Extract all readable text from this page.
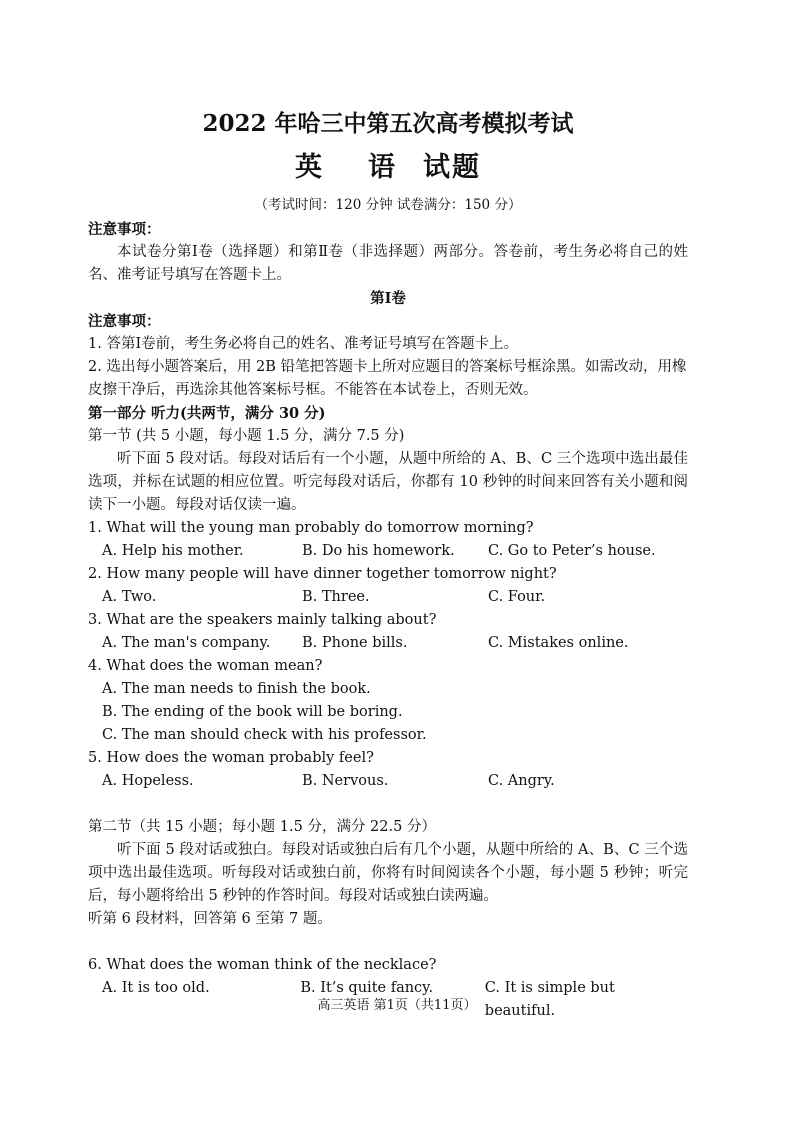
2022 年哈三中第五次高考模拟考试

英 语 试题

（考试时间：120 分钟 试卷满分：150 分）

注意事项：

本试卷分第Ⅰ卷（选择题）和第Ⅱ卷（非选择题）两部分。答卷前，考生务必将自己的姓名、准考证号填写在答题卡上。

第Ⅰ卷

注意事项：

1. 答第Ⅰ卷前，考生务必将自己的姓名、准考证号填写在答题卡上。

2. 选出每小题答案后，用 2B 铅笔把答题卡上所对应题目的答案标号框涂黑。如需改动，用橡皮擦干净后，再选涂其他答案标号框。不能答在本试卷上，否则无效。

第一部分 听力(共两节，满分 30 分)

第一节 (共 5 小题，每小题 1.5 分，满分 7.5 分)

听下面 5 段对话。每段对话后有一个小题，从题中所给的 A、B、C 三个选项中选出最佳选项，并标在试题的相应位置。听完每段对话后，你都有 10 秒钟的时间来回答有关小题和阅读下一小题。每段对话仅读一遍。

1. What will the young man probably do tomorrow morning?

A. Help his mother.	B. Do his homework.	C. Go to Peter’s house.

2. How many people will have dinner together tomorrow night?

A. Two.	B. Three.	C. Four.

3. What are the speakers mainly talking about?

A. The man's company.	B. Phone bills.	C. Mistakes online.

4. What does the woman mean?

A. The man needs to finish the book.

B. The ending of the book will be boring.

C. The man should check with his professor.

5. How does the woman probably feel?

A. Hopeless.	B. Nervous.	C. Angry.

第二节（共 15 小题；每小题 1.5 分，满分 22.5 分）

听下面 5 段对话或独白。每段对话或独白后有几个小题，从题中所给的 A、B、C 三个选项中选出最佳选项。听每段对话或独白前，你将有时间阅读各个小题，每小题 5 秒钟；听完后，每小题将给出 5 秒钟的作答时间。每段对话或独白读两遍。

听第 6 段材料，回答第 6 至第 7 题。

6. What does the woman think of the necklace?

A. It is too old.	B. It’s quite fancy.	C. It is simple but beautiful.
高三英语 第1页（共11页）
